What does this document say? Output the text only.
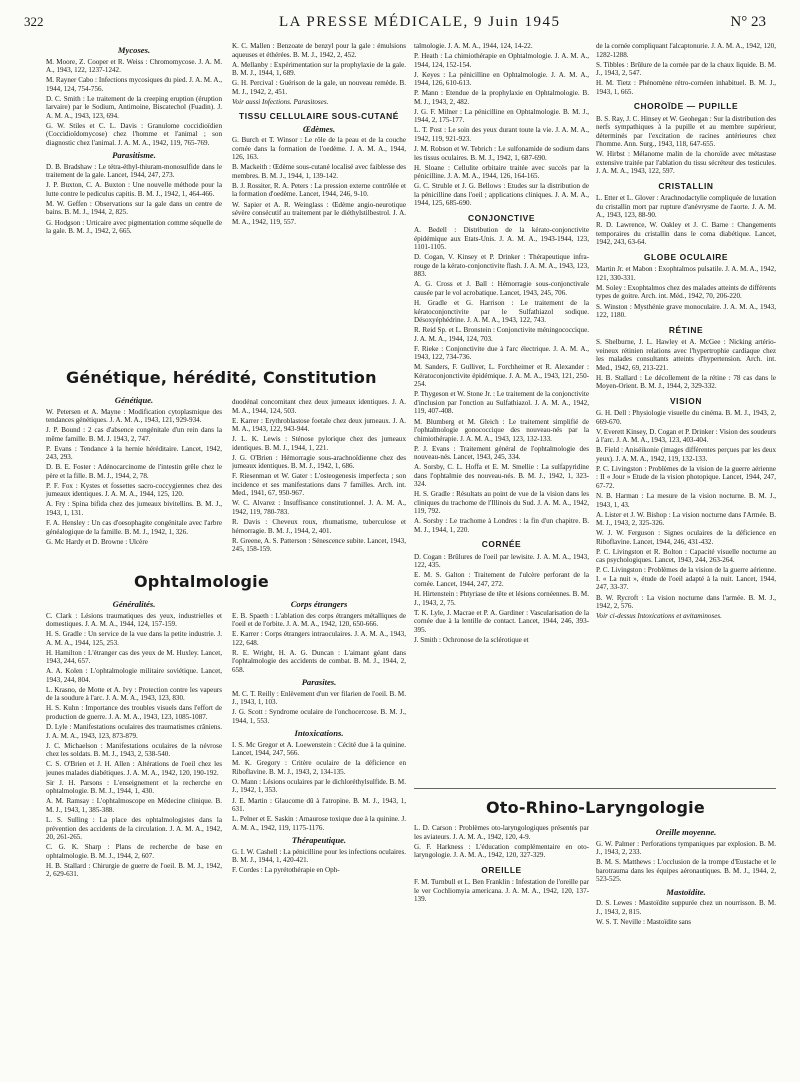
322	LA PRESSE MÉDICALE, 9 Juin 1945	N° 23
Mycoses.

M. Moore, Z. Cooper et R. Weiss : Chromomycose. J. A. M. A., 1943, 122, 1237-1242.

M. Rayner Cabo : Infections mycosiques du pied. J. A. M. A., 1944, 124, 754-756.

D. C. Smith : Le traitement de la creeping eruption (éruption larvaire) par le Sodium, Antimoine, Biscatechol (Fuadin). J. A. M. A., 1943, 123, 694.

G. W. Stiles et C. L. Davis : Granulome coccidioïdien (Coccidioïdomycose) chez l'homme et l'animal ; son diagnostic chez l'animal. J. A. M. A., 1942, 119, 765-769.

Parasitisme.

D. B. Bradshaw : Le tétra-éthyl-thiuram-monosulfide dans le traitement de la gale. Lancet, 1944, 247, 273.

J. P. Buxton, C. A. Buxton : Une nouvelle méthode pour la lutte contre le pediculus capitis. B. M. J., 1942, 1, 464-466.

M. W. Geffen : Observations sur la gale dans un centre de bains. B. M. J., 1944, 2, 825.

G. Hodgson : Urticaire avec pigmentation comme séquelle de la gale. B. M. J., 1942, 2, 665.

K. C. Mallen : Benzoate de benzyl pour la gale : émulsions aqueuses et éthérées. B. M. J., 1942, 2, 452.

A. Mellanby : Expérimentation sur la prophylaxie de la gale. B. M. J., 1944, 1, 689.

G. H. Percival : Guérison de la gale, un nouveau remède. B. M. J., 1942, 2, 451.

Voir aussi Infections. Parasitoses.

TISSU CELLULAIRE SOUS-CUTANÉ
Œdèmes.

G. Burch et T. Winsor : Le rôle de la peau et de la couche cornée dans la formation de l'oedème. J. A. M. A., 1944, 126, 163.

B. Mackeith : Œdème sous-cutané localisé avec faiblesse des membres. B. M. J., 1944, 1, 139-142.

B. J. Rossiter, R. A. Peters : La pression externe contrôlée et la formation d'oedème. Lancet, 1944, 246, 9-10.

W. Sapier et A. R. Weinglass : Œdème angio-neurotique sévère consécutif au traitement par le diéthylstilbestrol. J. A. M. A., 1942, 119, 557.

talmologie. J. A. M. A., 1944, 124, 14-22.

P. Heath : La chimiothérapie en Ophtalmologie. J. A. M. A., 1944, 124, 152-154.

J. Keyes : La pénicilline en Ophtalmologie. J. A. M. A., 1944, 126, 610-613.

P. Mann : Etendue de la prophylaxie en Ophtalmologie. B. M. J., 1943, 2, 482.

J. G. F. Milner : La pénicilline en Ophtalmologie. B. M. J., 1944, 2, 175-177.

L. T. Post : Le soin des yeux durant toute la vie. J. A. M. A., 1942, 119, 921-923.

J. M. Robson et W. Tebrich : Le sulfonamide de sodium dans les tissus oculaires. B. M. J., 1942, 1, 687-690.

H. Sloane : Cellulite orbitaire traitée avec succès par la pénicilline. J. A. M. A., 1944, 126, 164-165.

G. C. Struble et J. G. Bellows : Etudes sur la distribution de la pénicilline dans l'oeil ; applications cliniques. J. A. M. A., 1944, 125, 685-690.

CONJONCTIVE

A. Bedell : Distribution de la kérato-conjonctivite épidémique aux Etats-Unis. J. A. M. A., 1943-1944, 123, 1101-1105.

D. Cogan, V. Kinsey et P. Drinker : Thérapeutique infra-rouge de la kérato-conjonctivite flash. J. A. M. A., 1943, 123, 883.

A. G. Cross et J. Ball : Hémorragie sous-conjonctivale causée par le vol acrobatique. Lancet, 1943, 245, 706.

H. Gradle et G. Harrison : Le traitement de la kératoconjonctivite par le Sulfathiazol sodique. Désoxyéphédrine. J. A. M. A., 1943, 122, 743.

R. Reid Sp. et L. Bronstein : Conjonctivite méningococcique. J. A. M. A., 1944, 124, 703.

F. Rieke : Conjonctivite due à l'arc électrique. J. A. M. A., 1943, 122, 734-736.

M. Sanders, F. Gulliver, L. Forchheimer et R. Alexander : Kératoconjonctivite épidémique. J. A. M. A., 1943, 121, 250-254.

P. Thygeson et W. Stone Jr. : Le traitement de la conjonctivite d'inclusion par l'onction au Sulfathiazol. J. A. M. A., 1942, 119, 407-408.

M. Blumberg et M. Gleich : Le traitement simplifié de l'ophtalmologie gonococcique des nouveau-nés par la chimiothérapie. J. A. M. A., 1943, 123, 132-133.

P. J. Evans : Traitement général de l'ophtalmologie des nouveau-nés. Lancet, 1943, 245, 334.

A. Sorsby, C. L. Hoffa et E. M. Smellie : La sulfapyridine dans l'ophtalmie des nouveau-nés. B. M. J., 1942, 1, 323-324.

H. S. Gradle : Résultats au point de vue de la vision dans les cliniques du trachome de l'Illinois du Sud. J. A. M. A., 1942, 119, 792.

A. Sorsby : Le trachome à Londres : la fin d'un chapitre. B. M. J., 1944, 1, 220.

CORNÉE

D. Cogan : Brûlures de l'oeil par lewisite. J. A. M. A., 1943, 122, 435.

E. M. S. Galton : Traitement de l'ulcère perforant de la cornée. Lancet, 1944, 247, 272.

H. Hirtenstein : Phtyriase de tête et lésions cornéennes. B. M. J., 1943, 2, 75.

T. K. Lyle, J. Macrae et P. A. Gardiner : Vascularisation de la cornée due à la lentille de contact. Lancet, 1944, 246, 393-395.

J. Smith : Ochronose de la sclérotique et

de la cornée compliquant l'alcaptonurie. J. A. M. A., 1942, 120, 1282-1288.

S. Tibbles : Brûlure de la cornée par de la chaux liquide. B. M. J., 1943, 2, 547.

H. M. Tietz : Phénomène rétro-cornéen inhabituel. B. M. J., 1943, 1, 665.

CHOROÏDE — PUPILLE

B. S. Ray, J. C. Hinsey et W. Geohegan : Sur la distribution des nerfs sympathiques à la pupille et au membre supérieur, déterminés par l'excitation de racines antérieures chez l'homme. Ann. Surg., 1943, 118, 647-655.

W. Hirbst : Mélanome malin de la choroïde avec métastase extensive traitée par l'ablation du tissu sécréteur des testicules. J. A. M. A., 1943, 122, 597.

CRISTALLIN

L. Etter et L. Glover : Arachnodactylie compliquée de luxation du cristallin mort par rupture d'anévrysme de l'aorte. J. A. M. A., 1943, 123, 88-90.

R. D. Lawrence, W. Oakley et J. C. Barne : Changements temporaires du cristallin dans le coma diabétique. Lancet, 1942, 243, 63-64.

GLOBE OCULAIRE

Martin Jr. et Mabon : Exophtalmos pulsatile. J. A. M. A., 1942, 121, 330-331.

M. Soley : Exophtalmos chez des malades atteints de différents types de goitre. Arch. int. Méd., 1942, 70, 206-220.

S. Winston : Mysthénie grave monoculaire. J. A. M. A., 1943, 122, 1180.

RÉTINE

S. Shelburne, J. L. Hawley et A. McGee : Nicking artério-veineux rétinien relations avec l'hypertrophie cardiaque chez les malades consultants atteints d'hypertension. Arch. int. Med., 1942, 69, 213-221.

H. B. Stallard : Le décollement de la rétine : 78 cas dans le Moyen-Orient. B. M. J., 1944, 2, 329-332.

VISION

G. H. Dell : Physiologie visuelle du cinéma. B. M. J., 1943, 2, 669-670.

V. Everett Kinsey, D. Cogan et P. Drinker : Vision des soudeurs à l'arc. J. A. M. A., 1943, 123, 403-404.

B. Field : Aniséikonie (images différentes perçues par les deux yeux). J. A. M. A., 1942, 119, 132-133.

P. C. Livingston : Problèmes de la vision de la guerre aérienne : II « Jour » Etude de la vision photopique. Lancet, 1944, 247, 67-72.

N. B. Harman : La mesure de la vision nocturne. B. M. J., 1943, 1, 43.

A. Lister et J. W. Bishop : La vision nocturne dans l'Armée. B. M. J., 1943, 2, 325-326.

W. J. W. Ferguson : Signes oculaires de la déficience en Riboflavine. Lancet, 1944, 246, 431-432.

P. C. Livingston et R. Bolton : Capacité visuelle nocturne au cas psychologiques. Lancet, 1943, 244, 263-264.

P. C. Livingston : Problèmes de la vision de la guerre aérienne. I. « La nuit », étude de l'oeil adapté à la nuit. Lancet, 1944, 247, 33-37.

B. W. Rycroft : La vision nocturne dans l'armée. B. M. J., 1942, 2, 576.

Voir ci-dessus Intoxications et avitaminoses.

Génétique, hérédité, Constitution
Génétique.

W. Petersen et A. Mayne : Modification cytoplasmique des tendances génétiques. J. A. M. A., 1943, 121, 929-934.

J. P. Bound : 2 cas d'absence congénitale d'un rein dans la même famille. B. M. J. 1943, 2, 747.

P. Evans : Tendance à la hernie héréditaire. Lancet, 1942, 243, 293.

D. B. E. Foster : Adénocarcinome de l'intestin grêle chez le père et la fille. B. M. J., 1944, 2, 78.

P. F. Fox : Kystes et fossettes sacro-coccygiennes chez des jumeaux identiques. J. A. M. A., 1944, 125, 120.

A. Fry : Spina bifida chez des jumeaux bivitellins. B. M. J., 1943, 1, 131.

F. A. Hensley : Un cas d'oesophagite congénitale avec l'arbre généalogique de la famille. B. M. J., 1942, 1, 326.

G. Mc Hardy et D. Browne : Ulcère

duodénal concomitant chez deux jumeaux identiques. J. A. M. A., 1944, 124, 503.

E. Karrer : Erythroblastose foetale chez deux jumeaux. J. A. M. A., 1943, 122, 943-944.

J. L. K. Lewis : Sténose pylorique chez des jumeaux identiques. B. M. J., 1944, 1, 221.

J. G. O'Brien : Hémorragie sous-arachnoïdienne chez des jumeaux identiques. B. M. J., 1942, 1, 686.

F. Riesenman et W. Gater : L'osteogenesis imperfecta ; son incidence et ses manifestations dans 7 familles. Arch. int. Med., 1941, 67, 950-967.

W. C. Alvarez : Insuffisance constitutionnel. J. A. M. A., 1942, 119, 780-783.

R. Davis : Cheveux roux, rhumatisme, tuberculose et hémorragie. B. M. J., 1944, 2, 401.

R. Greene, A. S. Patterson : Sénescence subite. Lancet, 1943, 245, 158-159.

Ophtalmologie
Généralités.

C. Clark : Lésions traumatiques des yeux, industrielles et domestiques. J. A. M. A., 1944, 124, 157-159.

H. S. Gradle : Un service de la vue dans la petite industrie. J. A. M. A., 1944, 125, 253.

H. Hamilton : L'étranger cas des yeux de M. Huxley. Lancet, 1943, 244, 657.

A. A. Kolen : L'ophtalmologie militaire soviétique. Lancet, 1943, 244, 804.

L. Krasno, de Motte et A. Ivy : Protection contre les vapeurs de la soudure à l'arc. J. A. M. A., 1943, 123, 830.

H. S. Kuhn : Importance des troubles visuels dans l'effort de production de guerre. J. A. M. A., 1943, 123, 1085-1087.

D. Lyle : Manifestations oculaires des traumatismes crâniens. J. A. M. A., 1943, 123, 873-879.

J. C. Michaelson : Manifestations oculaires de la névrose chez les soldats. B. M. J., 1943, 2, 538-540.

C. S. O'Brien et J. H. Allen : Altérations de l'oeil chez les jeunes malades diabétiques. J. A. M. A., 1942, 120, 190-192.

Sir J. H. Parsons : L'enseignement et la recherche en ophtalmologie. B. M. J., 1944, 1, 430.

A. M. Ramsay : L'ophtalmoscope en Médecine clinique. B. M. J., 1943, 1, 385-388.

L. S. Sulling : La place des ophtalmologistes dans la prévention des accidents de la circulation. J. A. M. A., 1942, 20, 261-265.

C. G. K. Sharp : Plans de recherche de base en ophtalmologie. B. M. J., 1944, 2, 607.

H. B. Stallard : Chirurgie de guerre de l'oeil. B. M. J., 1942, 2, 629-631.

Corps étrangers

E. B. Spaeth : L'ablation des corps étrangers métalliques de l'oeil et de l'orbite. J. A. M. A., 1942, 120, 650-666.

E. Karrer : Corps étrangers intraoculaires. J. A. M. A., 1943, 122, 648.

R. E. Wright, H. A. G. Duncan : L'aimant géant dans l'ophtalmologie des accidents de combat. B. M. J., 1944, 2, 658.

Parasites.

M. C. T. Reilly : Enlèvement d'un ver filarien de l'oeil. B. M. J., 1943, 1, 103.

J. G. Scott : Syndrome oculaire de l'onchocercose. B. M. J., 1944, 1, 553.

Intoxications.

I. S. Mc Gregor et A. Loewenstein : Cécité due à la quinine. Lancet, 1944, 247, 566.

M. K. Gregory : Critère oculaire de la déficience en Riboflavine. B. M. J., 1943, 2, 134-135.

O. Mann : Lésions oculaires par le dichloréthylsulfide. B. M. J., 1942, 1, 353.

J. E. Martin : Glaucome dû à l'atropine. B. M. J., 1943, 1, 631.

L. Pelner et E. Saskin : Amaurose toxique due à la quinine. J. A. M. A., 1942, 119, 1175-1176.

Thérapeutique.

G. I. W. Cashell : La pénicilline pour les infections oculaires. B. M. J., 1944, 1, 420-421.

F. Cordes : La pyrétothérapie en Oph-

Oto-Rhino-Laryngologie

L. D. Carson : Problèmes oto-laryngologiques présentés par les aviateurs. J. A. M. A., 1942, 120, 4-9.

G. F. Harkness : L'éducation complémentaire en oto-laryngologie. J. A. M. A., 1942, 120, 327-329.

OREILLE

F. M. Turnbull et L. Ben Franklin : Infestation de l'oreille par le ver Cochliomyia americana. J. A. M. A., 1942, 120, 137-139.

Oreille moyenne.

G. W. Palmer : Perforations tympaniques par explosion. B. M. J., 1943, 2, 233.

B. M. S. Matthews : L'occlusion de la trompe d'Eustache et le barotrauma dans les équipes aéronautiques. B. M. J., 1944, 2, 523-525.

Mastoïdite.

D. S. Lewes : Mastoïdite suppurée chez un nourrisson. B. M. J., 1943, 2, 815.

W. S. T. Neville : Mastoïdite sans
